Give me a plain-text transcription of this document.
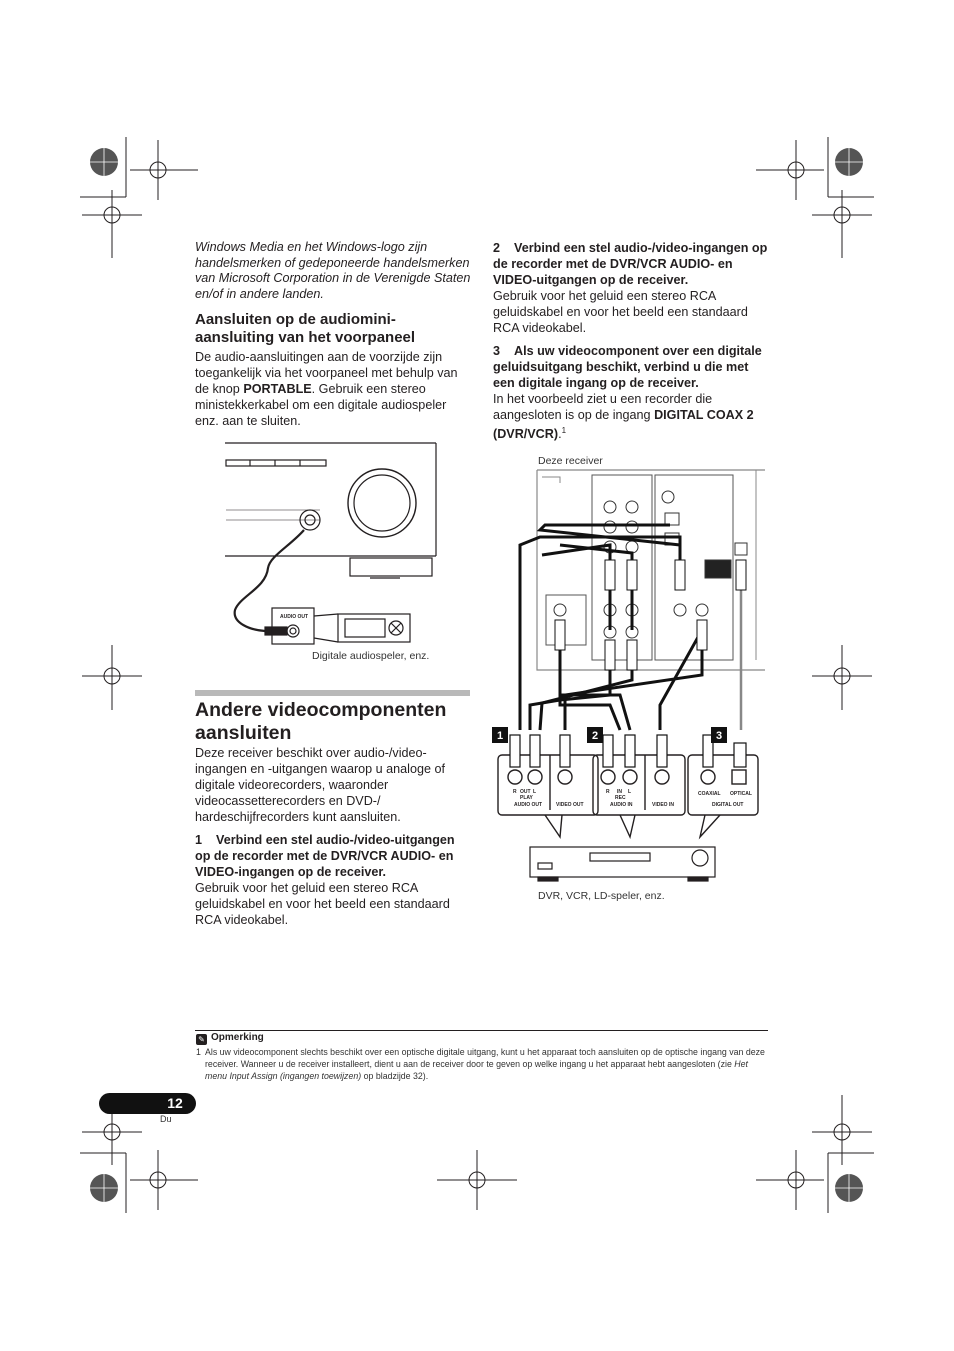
Windows Media en het Windows-logo zijn handelsmerken of gedeponeerde handelsmerken van Microsoft Corporation in de Verenigde Staten en/of in andere landen.
Aansluiten op de audiomini-aansluiting van het voorpaneel
De audio-aansluitingen aan de voorzijde zijn toegankelijk via het voorpaneel met behulp van de knop PORTABLE. Gebruik een stereo ministekkerkabel om een digitale audiospeler enz. aan te sluiten.
AUDIO OUT
Digitale audiospeler, enz.
Andere videocomponenten aansluiten
Deze receiver beschikt over audio-/video-ingangen en -uitgangen waarop u analoge of digitale videorecorders, waaronder videocassetterecorders en DVD-/ hardeschijfrecorders kunt aansluiten.
1 Verbind een stel audio-/video-uitgangen op de recorder met de DVR/VCR AUDIO- en VIDEO-ingangen op de receiver.
Gebruik voor het geluid een stereo RCA geluidskabel en voor het beeld een standaard RCA videokabel.
2 Verbind een stel audio-/video-ingangen op de recorder met de DVR/VCR AUDIO- en VIDEO-uitgangen op de receiver.
Gebruik voor het geluid een stereo RCA geluidskabel en voor het beeld een standaard RCA videokabel.
3 Als uw videocomponent over een digitale geluidsuitgang beschikt, verbind u die met een digitale ingang op de receiver.
In het voorbeeld ziet u een recorder die aangesloten is op de ingang DIGITAL COAX 2 (DVR/VCR).$^1$
Deze receiver
1	2	3
R OUT L
PLAY
AUDIO OUT	VIDEO OUT
R IN L
REC
AUDIO IN	VIDEO IN
COAXIAL OPTICAL
DIGITAL OUT
DVR, VCR, LD-speler, enz.
✎ Opmerking
1 Als uw videocomponent slechts beschikt over een optische digitale uitgang, kunt u het apparaat toch aansluiten op de optische ingang van deze receiver. Wanneer u de receiver installeert, dient u aan de receiver door te geven op welke ingang u het apparaat hebt aangesloten (zie Het menu Input Assign (ingangen toewijzen) op bladzijde 32).
12
Du
